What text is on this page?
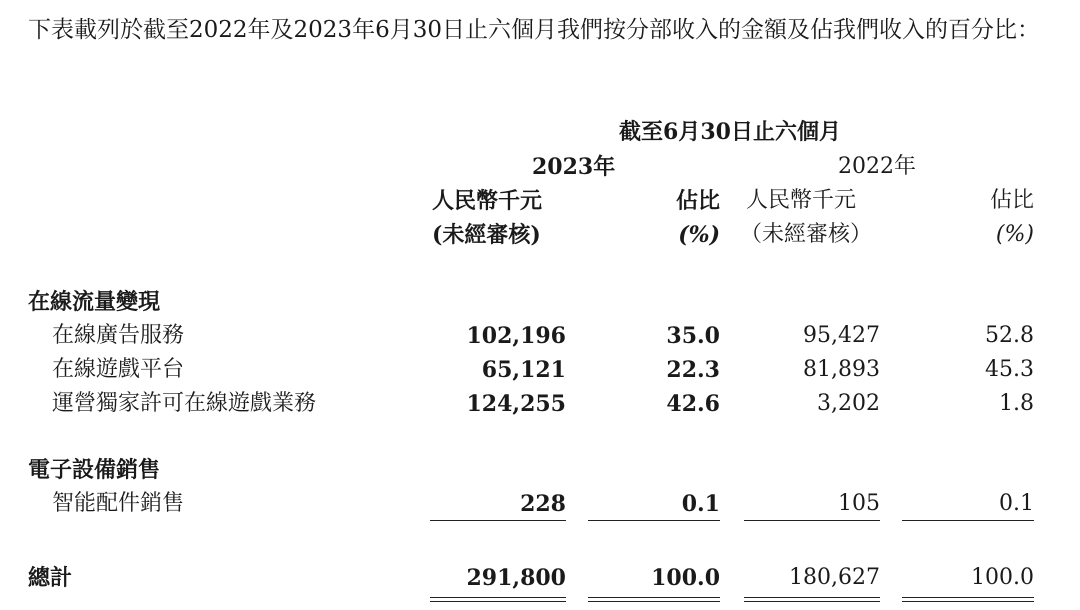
下表載列於截至2022年及2023年6月30日止六個月我們按分部收入的金額及佔我們收入的百分比：

截至6月30日止六個月
2023年	2022年
人民幣千元	佔比 人民幣千元	佔比
(未經審核)	(%) （未經審核）	(%)
在線流量變現
在線廣告服務	102,196	35.0	95,427	52.8
在線遊戲平台	65,121	22.3	81,893	45.3
運營獨家許可在線遊戲業務	124,255	42.6	3,202	1.8
電子設備銷售
智能配件銷售	228	0.1	105	0.1
總計	291,800	100.0	180,627	100.0
